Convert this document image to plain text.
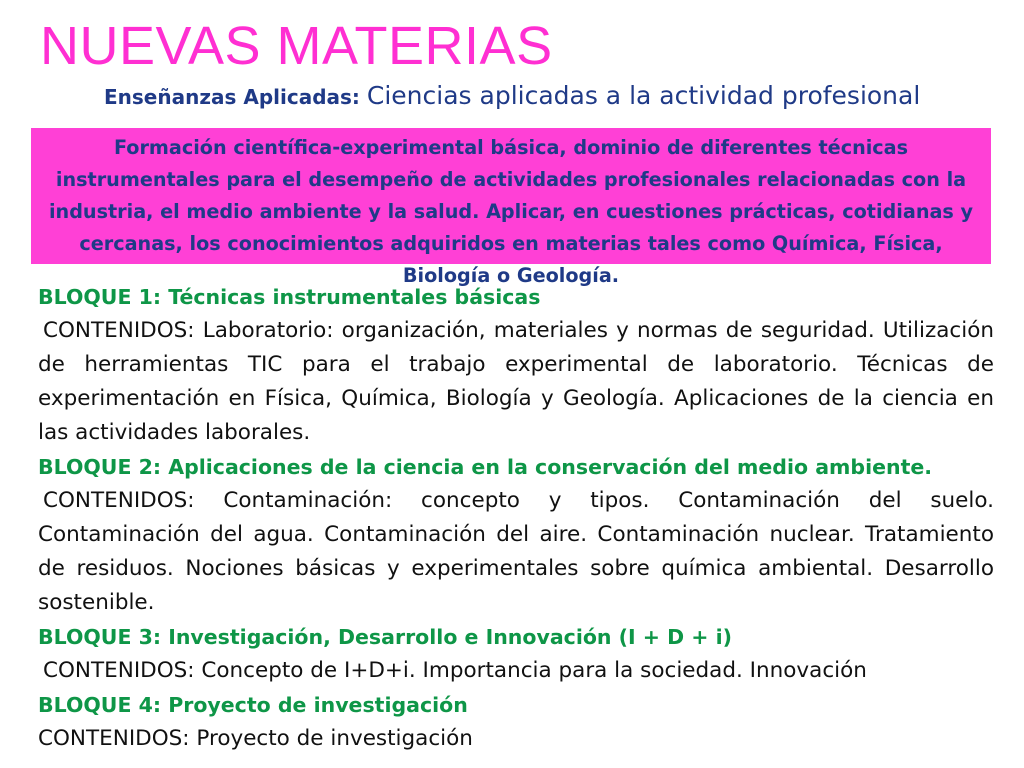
NUEVAS MATERIAS
Enseñanzas Aplicadas: Ciencias aplicadas a la actividad profesional
Formación científica-experimental básica, dominio de diferentes técnicas instrumentales para el desempeño de actividades profesionales relacionadas con la industria, el medio ambiente y la salud. Aplicar, en cuestiones prácticas, cotidianas y cercanas, los conocimientos adquiridos en materias tales como Química, Física, Biología o Geología.

BLOQUE 1: Técnicas instrumentales básicas

CONTENIDOS: Laboratorio: organización, materiales y normas de seguridad. Utilización de herramientas TIC para el trabajo experimental de laboratorio. Técnicas de experimentación en Física, Química, Biología y Geología. Aplicaciones de la ciencia en las actividades laborales.

BLOQUE 2: Aplicaciones de la ciencia en la conservación del medio ambiente.

CONTENIDOS: Contaminación: concepto y tipos. Contaminación del suelo. Contaminación del agua. Contaminación del aire. Contaminación nuclear. Tratamiento de residuos. Nociones básicas y experimentales sobre química ambiental. Desarrollo sostenible.

BLOQUE 3: Investigación, Desarrollo e Innovación (I + D + i)

CONTENIDOS: Concepto de I+D+i. Importancia para la sociedad. Innovación

BLOQUE 4: Proyecto de investigación

CONTENIDOS: Proyecto de investigación
